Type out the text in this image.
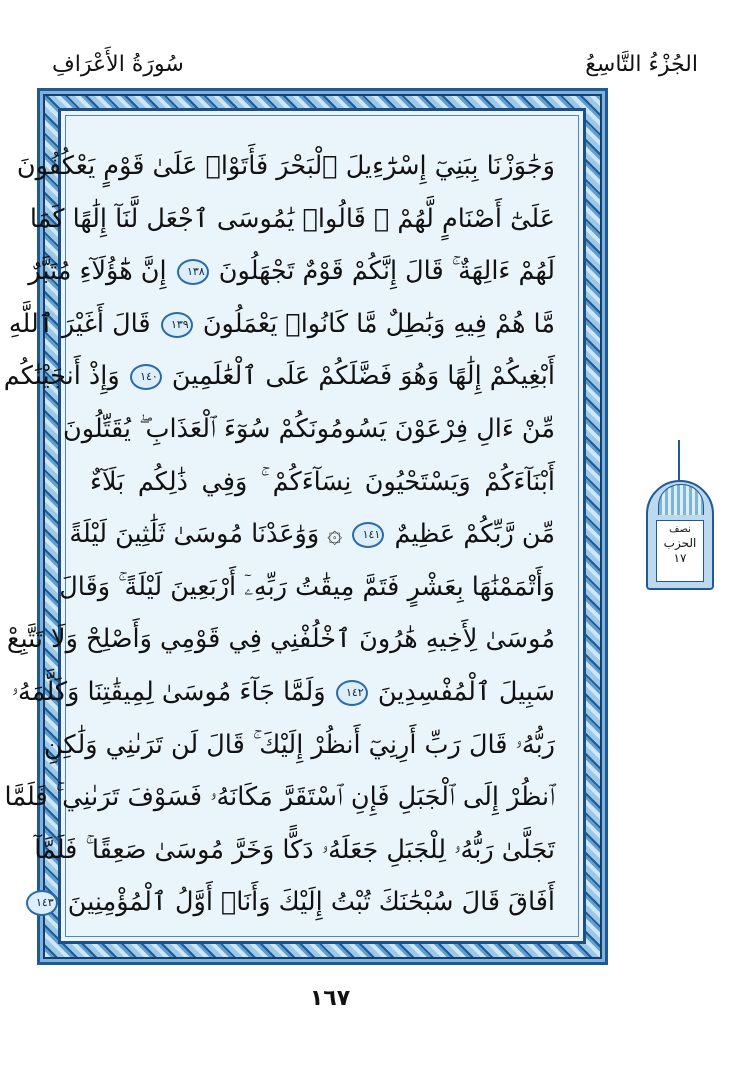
سُورَةُ الأَعْرَافِ	الجُزْءُ التَّاسِعُ
وَجَٰوَزْنَا بِبَنِيٓ إِسْرَٰٓءِيلَ ٱلْبَحْرَ فَأَتَوْا۟ عَلَىٰ قَوْمٍ يَعْكُفُونَ
عَلَىٰٓ أَصْنَامٍ لَّهُمْ ۚ قَالُوا۟ يَٰمُوسَى ٱجْعَل لَّنَآ إِلَٰهًا كَمَا
لَهُمْ ءَالِهَةٌ ۚ قَالَ إِنَّكُمْ قَوْمٌ تَجْهَلُونَ ١٣٨ إِنَّ هَٰٓؤُلَآءِ مُتَبَّرٌ
مَّا هُمْ فِيهِ وَبَٰطِلٌ مَّا كَانُوا۟ يَعْمَلُونَ ١٣٩ قَالَ أَغَيْرَ ٱللَّهِ
أَبْغِيكُمْ إِلَٰهًا وَهُوَ فَضَّلَكُمْ عَلَى ٱلْعَٰلَمِينَ ١٤٠ وَإِذْ أَنجَيْنَٰكُم
مِّنْ ءَالِ فِرْعَوْنَ يَسُومُونَكُمْ سُوٓءَ ٱلْعَذَابِ ۖ يُقَتِّلُونَ
أَبْنَآءَكُمْ وَيَسْتَحْيُونَ نِسَآءَكُمْ ۚ وَفِي ذَٰلِكُم بَلَآءٌ
مِّن رَّبِّكُمْ عَظِيمٌ ١٤١ ۞ وَوَٰعَدْنَا مُوسَىٰ ثَلَٰثِينَ لَيْلَةً
وَأَتْمَمْنَٰهَا بِعَشْرٍ فَتَمَّ مِيقَٰتُ رَبِّهِۦٓ أَرْبَعِينَ لَيْلَةً ۚ وَقَالَ
مُوسَىٰ لِأَخِيهِ هَٰرُونَ ٱخْلُفْنِي فِي قَوْمِي وَأَصْلِحْ وَلَا تَتَّبِعْ
سَبِيلَ ٱلْمُفْسِدِينَ ١٤٢ وَلَمَّا جَآءَ مُوسَىٰ لِمِيقَٰتِنَا وَكَلَّمَهُۥ
رَبُّهُۥ قَالَ رَبِّ أَرِنِيٓ أَنظُرْ إِلَيْكَ ۚ قَالَ لَن تَرَىٰنِي وَلَٰكِنِ
ٱنظُرْ إِلَى ٱلْجَبَلِ فَإِنِ ٱسْتَقَرَّ مَكَانَهُۥ فَسَوْفَ تَرَىٰنِي ۚ فَلَمَّا
تَجَلَّىٰ رَبُّهُۥ لِلْجَبَلِ جَعَلَهُۥ دَكًّا وَخَرَّ مُوسَىٰ صَعِقًا ۚ فَلَمَّآ
أَفَاقَ قَالَ سُبْحَٰنَكَ تُبْتُ إِلَيْكَ وَأَنَا۠ أَوَّلُ ٱلْمُؤْمِنِينَ ١٤٣
نصف
الحزب
١٧
١٦٧
